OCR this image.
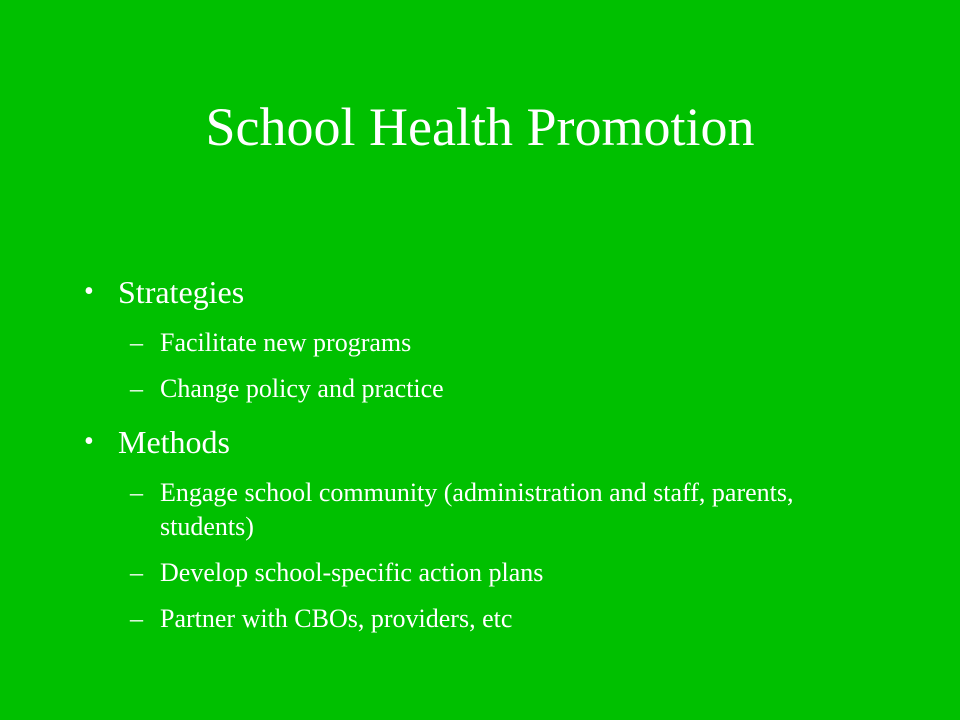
School Health Promotion

• Strategies

– Facilitate new programs
– Change policy and practice

• Methods

– Engage school community (administration and staff, parents, students)
– Develop school-specific action plans
– Partner with CBOs, providers, etc
